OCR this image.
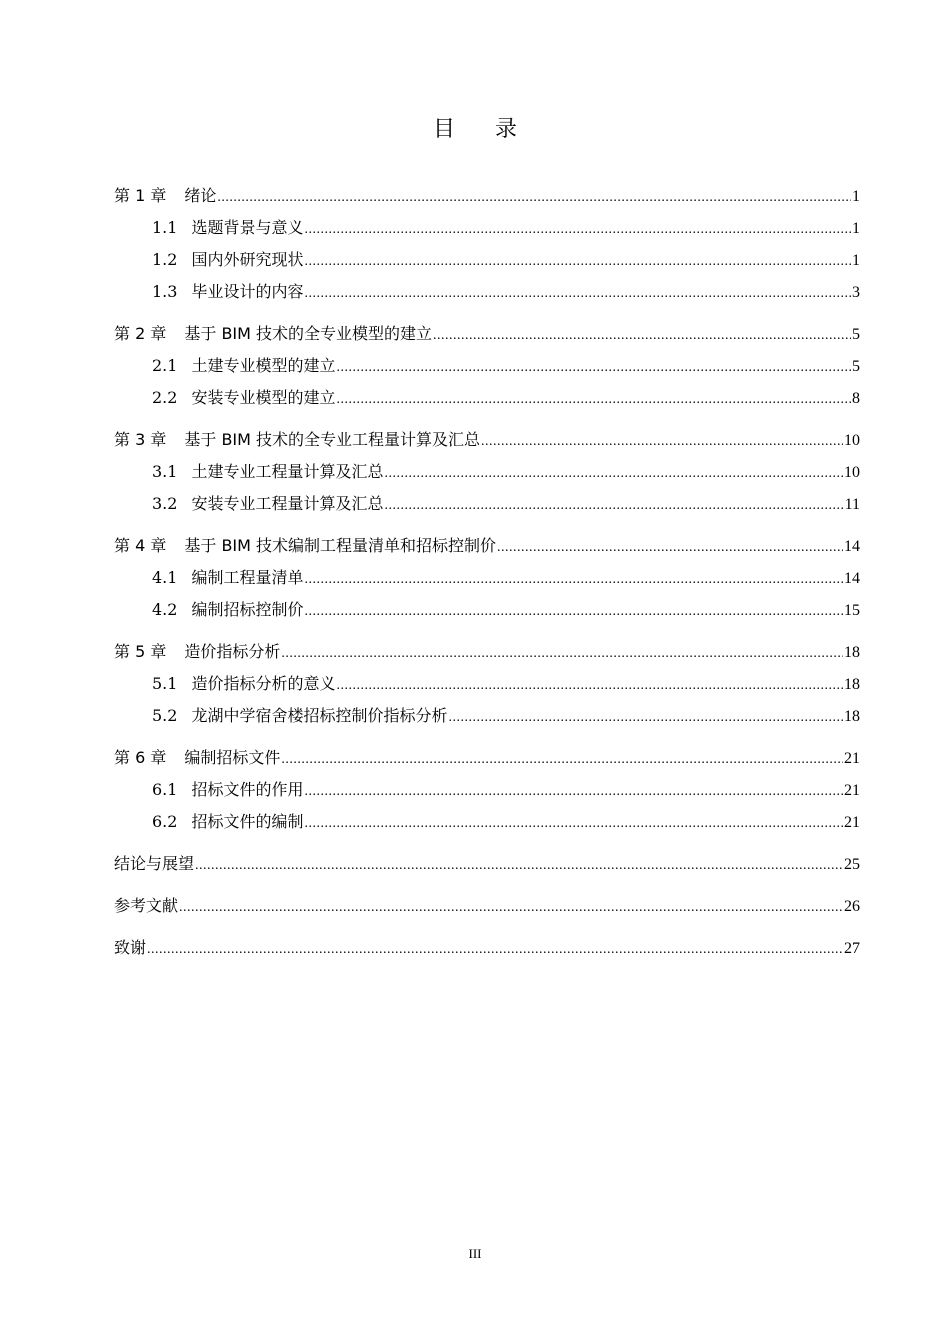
目录
第 1 章 绪论 .....	1
1.1 选题背景与意义 .....	1
1.2 国内外研究现状 .....	1
1.3 毕业设计的内容 .....	3
第 2 章 基于 BIM 技术的全专业模型的建立 .....	5
2.1 土建专业模型的建立 .....	5
2.2 安装专业模型的建立 .....	8
第 3 章 基于 BIM 技术的全专业工程量计算及汇总 .....	10
3.1 土建专业工程量计算及汇总 .....	10
3.2 安装专业工程量计算及汇总 .....	11
第 4 章 基于 BIM 技术编制工程量清单和招标控制价 .....	14
4.1 编制工程量清单 .....	14
4.2 编制招标控制价 .....	15
第 5 章 造价指标分析 .....	18
5.1 造价指标分析的意义 .....	18
5.2 龙湖中学宿舍楼招标控制价指标分析 .....	18
第 6 章 编制招标文件 .....	21
6.1 招标文件的作用 .....	21
6.2 招标文件的编制 .....	21
结论与展望 .....	25
参考文献 .....	26
致谢 .....	27
III
